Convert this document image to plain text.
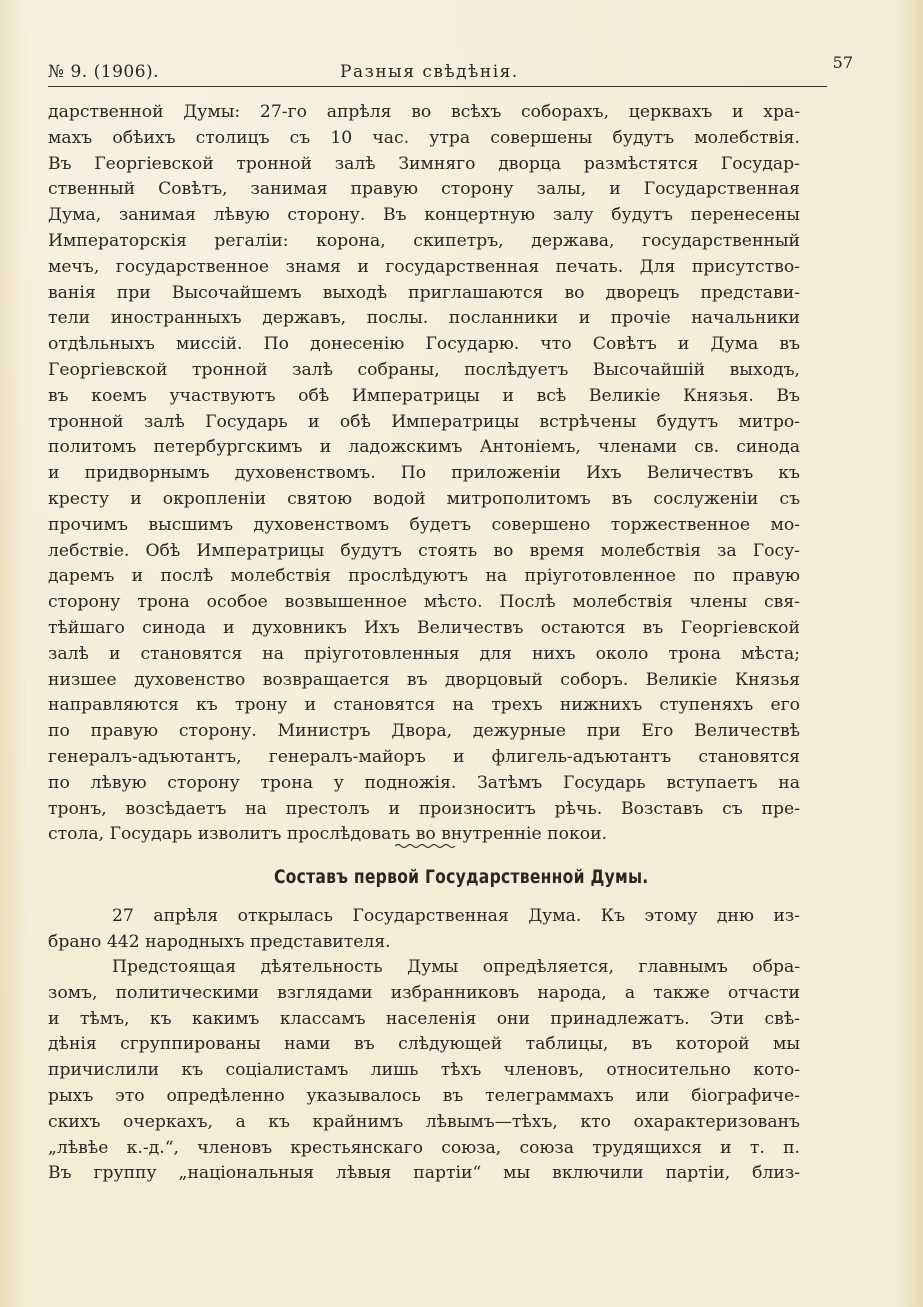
№ 9. (1906).	Разныя свѣдѣнія.	57
дарственной Думы: 27-го апрѣля во всѣхъ соборахъ, церквахъ и хра-
махъ обѣихъ столицъ съ 10 час. утра совершены будутъ молебствія.
Въ Георгіевской тронной залѣ Зимняго дворца размѣстятся Государ-
ственный Совѣтъ, занимая правую сторону залы, и Государственная
Дума, занимая лѣвую сторону. Въ концертную залу будутъ перенесены
Императорскія регаліи: корона, скипетръ, держава, государственный
мечъ, государственное знамя и государственная печать. Для присутство-
ванія при Высочайшемъ выходѣ приглашаются во дворецъ представи-
тели иностранныхъ державъ, послы. посланники и прочіе начальники
отдѣльныхъ миссій. По донесенію Государю. что Совѣтъ и Дума въ
Георгіевской тронной залѣ собраны, послѣдуетъ Высочайшій выходъ,
въ коемъ участвуютъ обѣ Императрицы и всѣ Великіе Князья. Въ
тронной залѣ Государь и обѣ Императрицы встрѣчены будутъ митро-
политомъ петербургскимъ и ладожскимъ Антоніемъ, членами св. синода
и придворнымъ духовенствомъ. По приложеніи Ихъ Величествъ къ
кресту и окропленіи святою водой митрополитомъ въ сослуженіи съ
прочимъ высшимъ духовенствомъ будетъ совершено торжественное мо-
лебствіе. Обѣ Императрицы будутъ стоять во время молебствія за Госу-
даремъ и послѣ молебствія прослѣдуютъ на пріуготовленное по правую
сторону трона особое возвышенное мѣсто. Послѣ молебствія члены свя-
тѣйшаго синода и духовникъ Ихъ Величествъ остаются въ Георгіевской
залѣ и становятся на пріуготовленныя для нихъ около трона мѣста;
низшее духовенство возвращается въ дворцовый соборъ. Великіе Князья
направляются къ трону и становятся на трехъ нижнихъ ступеняхъ его
по правую сторону. Министръ Двора, дежурные при Его Величествѣ
генералъ-адъютантъ, генералъ-майоръ и флигель-адъютантъ становятся
по лѣвую сторону трона у подножія. Затѣмъ Государь вступаетъ на
тронъ, возсѣдаетъ на престолъ и произноситъ рѣчь. Возставъ съ пре-
стола, Государь изволитъ прослѣдовать во внутренніе покои.
Составъ первой Государственной Думы.
27 апрѣля открылась Государственная Дума. Къ этому дню из-
брано 442 народныхъ представителя.
Предстоящая дѣятельность Думы опредѣляется, главнымъ обра-
зомъ, политическими взглядами избранниковъ народа, а также отчасти
и тѣмъ, къ какимъ классамъ населенія они принадлежатъ. Эти свѣ-
дѣнія сгруппированы нами въ слѣдующей таблицы, въ которой мы
причислили къ соціалистамъ лишь тѣхъ членовъ, относительно кото-
рыхъ это опредѣленно указывалось въ телеграммахъ или біографиче-
скихъ очеркахъ, а къ крайнимъ лѣвымъ—тѣхъ, кто охарактеризованъ
„лѣвѣе к.-д.“, членовъ крестьянскаго союза, союза трудящихся и т. п.
Въ группу „національныя лѣвыя партіи“ мы включили партіи, близ-
